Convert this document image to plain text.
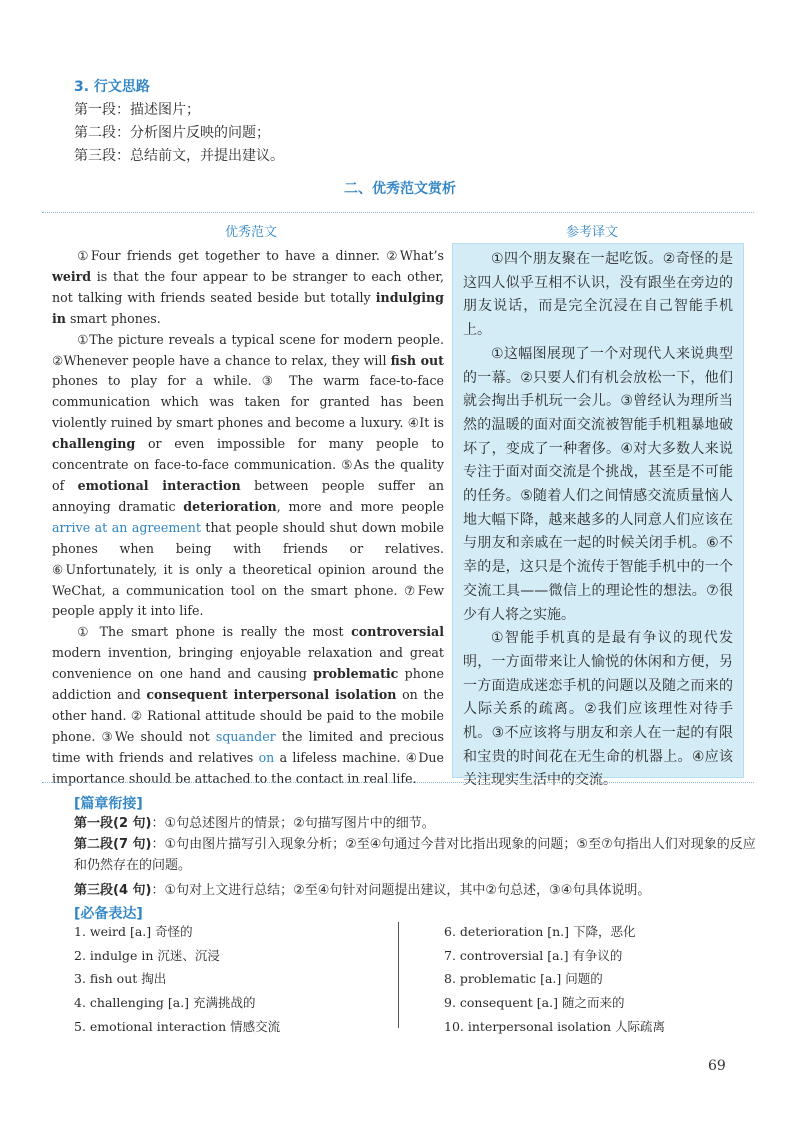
3. 行文思路
第一段：描述图片；
第二段：分析图片反映的问题；
第三段：总结前文，并提出建议。
二、优秀范文赏析
优秀范文	参考译文

①Four friends get together to have a dinner. ②What’s weird is that the four appear to be stranger to each other, not talking with friends seated beside but totally indulging in smart phones.

①The picture reveals a typical scene for modern people. ②Whenever people have a chance to relax, they will fish out phones to play for a while. ③ The warm face-to-face communication which was taken for granted has been violently ruined by smart phones and become a luxury. ④It is challenging or even impossible for many people to concentrate on face-to-face communication. ⑤As the quality of emotional interaction between people suffer an annoying dramatic deterioration, more and more people arrive at an agreement that people should shut down mobile phones when being with friends or relatives. ⑥Unfortunately, it is only a theoretical opinion around the WeChat, a communication tool on the smart phone. ⑦Few people apply it into life.

① The smart phone is really the most controversial modern invention, bringing enjoyable relaxation and great convenience on one hand and causing problematic phone addiction and consequent interpersonal isolation on the other hand. ② Rational attitude should be paid to the mobile phone. ③We should not squander the limited and precious time with friends and relatives on a lifeless machine. ④Due importance should be attached to the contact in real life.

①四个朋友聚在一起吃饭。②奇怪的是这四人似乎互相不认识，没有跟坐在旁边的朋友说话，而是完全沉浸在自己智能手机上。

①这幅图展现了一个对现代人来说典型的一幕。②只要人们有机会放松一下，他们就会掏出手机玩一会儿。③曾经认为理所当然的温暖的面对面交流被智能手机粗暴地破坏了，变成了一种奢侈。④对大多数人来说专注于面对面交流是个挑战，甚至是不可能的任务。⑤随着人们之间情感交流质量恼人地大幅下降，越来越多的人同意人们应该在与朋友和亲戚在一起的时候关闭手机。⑥不幸的是，这只是个流传于智能手机中的一个交流工具——微信上的理论性的想法。⑦很少有人将之实施。

①智能手机真的是最有争议的现代发明，一方面带来让人愉悦的休闲和方便，另一方面造成迷恋手机的问题以及随之而来的人际关系的疏离。②我们应该理性对待手机。③不应该将与朋友和亲人在一起的有限和宝贵的时间花在无生命的机器上。④应该关注现实生活中的交流。

[篇章衔接]
第一段(2 句)：①句总述图片的情景；②句描写图片中的细节。
第二段(7 句)：①句由图片描写引入现象分析；②至④句通过今昔对比指出现象的问题；⑤至⑦句指出人们对现象的反应和仍然存在的问题。
第三段(4 句)：①句对上文进行总结；②至④句针对问题提出建议，其中②句总述，③④句具体说明。
[必备表达]
1. weird [a.] 奇怪的
2. indulge in 沉迷、沉浸
3. fish out 掏出
4. challenging [a.] 充满挑战的
5. emotional interaction 情感交流
6. deterioration [n.] 下降，恶化
7. controversial [a.] 有争议的
8. problematic [a.] 问题的
9. consequent [a.] 随之而来的
10. interpersonal isolation 人际疏离
69
